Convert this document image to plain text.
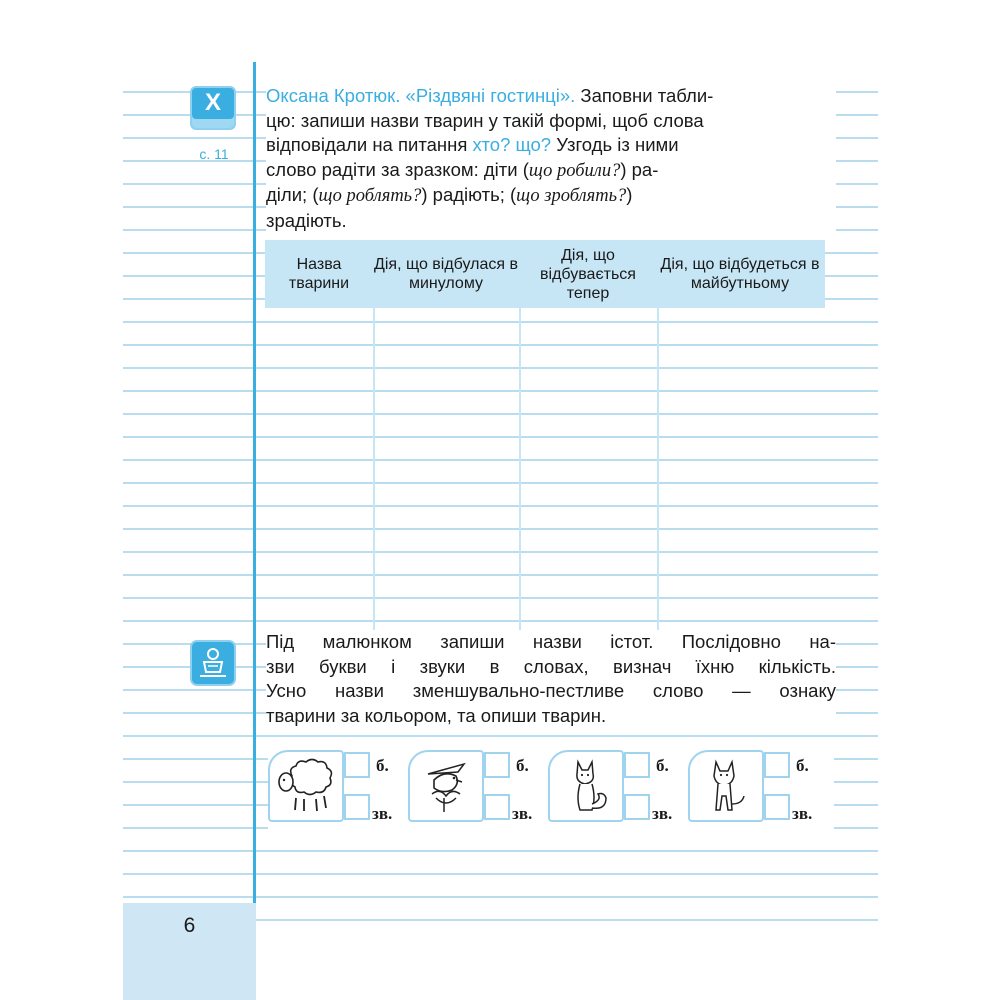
6
Х
с. 11
Оксана Кротюк. «Різдвяні гостинці». Заповни табли-
цю: запиши назви тварин у такій формі, щоб слова
відповідали на питання хто? що? Узгодь із ними
слово радіти за зразком: діти (що робили?) ра-
діли; (що роблять?) радіють; (що зроблять?)
зрадіють.
Назва тварини
Дія, що відбулася в минулому
Дія, що відбувається тепер
Дія, що відбудеться в майбутньому
Під малюнком запиши назви істот. Послідовно на-
зви букви і звуки в словах, визнач їхню кількість.
Усно назви зменшувально-пестливе слово — ознаку
тварини за кольором, та опиши тварин.
б.
зв.
б.
зв.
б.
зв.
б.
зв.
